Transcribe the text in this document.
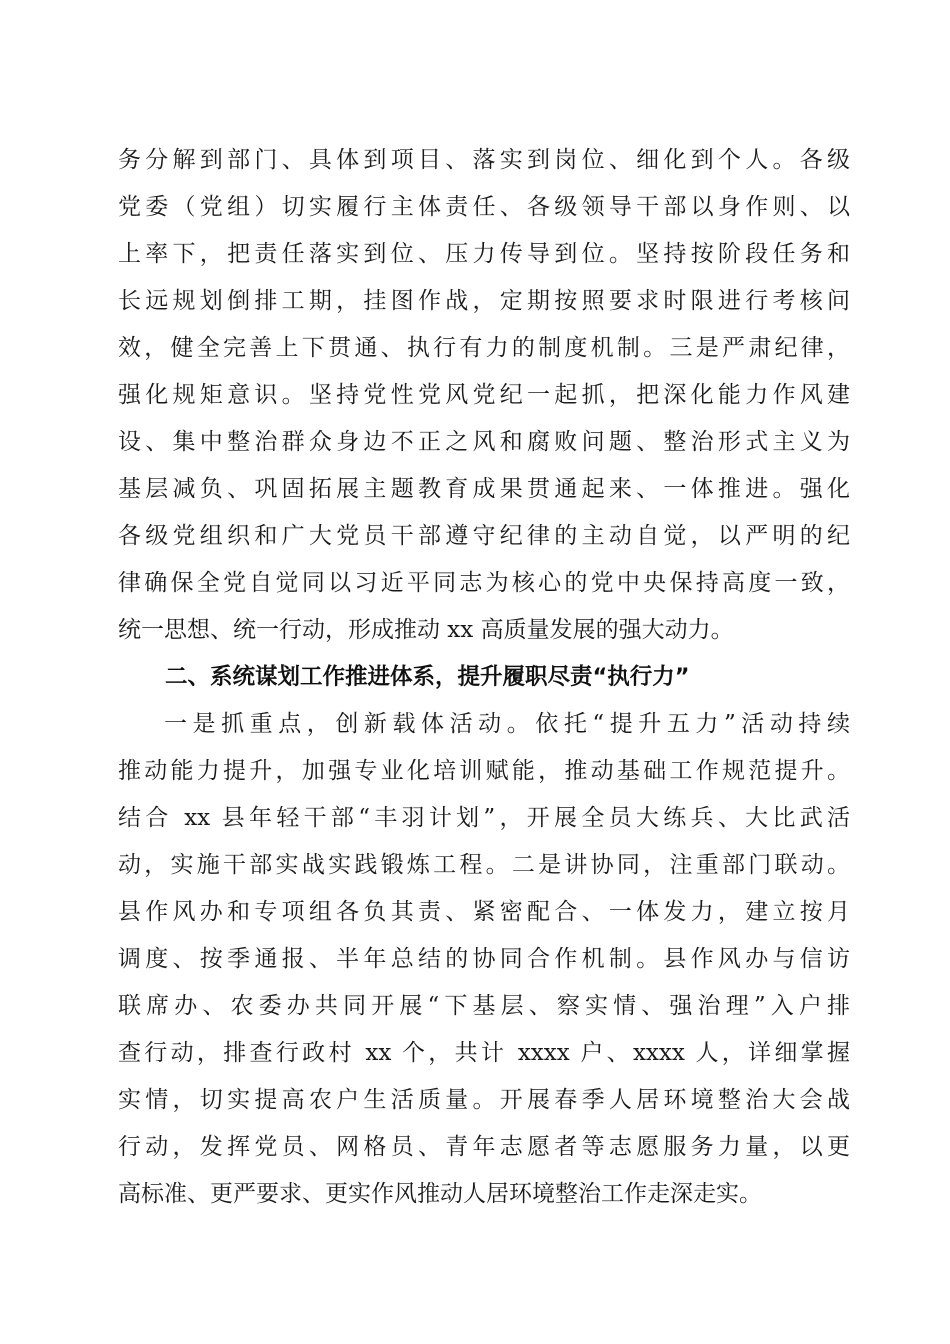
务分解到部门、具体到项目、落实到岗位、细化到个人。各级
党委（党组）切实履行主体责任、各级领导干部以身作则、以
上率下，把责任落实到位、压力传导到位。坚持按阶段任务和
长远规划倒排工期，挂图作战，定期按照要求时限进行考核问
效，健全完善上下贯通、执行有力的制度机制。三是严肃纪律，
强化规矩意识。坚持党性党风党纪一起抓，把深化能力作风建
设、集中整治群众身边不正之风和腐败问题、整治形式主义为
基层减负、巩固拓展主题教育成果贯通起来、一体推进。强化
各级党组织和广大党员干部遵守纪律的主动自觉，以严明的纪
律确保全党自觉同以习近平同志为核心的党中央保持高度一致，
统一思想、统一行动，形成推动 xx 高质量发展的强大动力。
二、系统谋划工作推进体系，提升履职尽责“执行力”
一是抓重点，创新载体活动。依托“提升五力”活动持续
推动能力提升，加强专业化培训赋能，推动基础工作规范提升。
结合 xx 县年轻干部“丰羽计划”，开展全员大练兵、大比武活
动，实施干部实战实践锻炼工程。二是讲协同，注重部门联动。
县作风办和专项组各负其责、紧密配合、一体发力，建立按月
调度、按季通报、半年总结的协同合作机制。县作风办与信访
联席办、农委办共同开展“下基层、察实情、强治理”入户排
查行动，排查行政村 xx 个，共计 xxxx 户、xxxx 人，详细掌握
实情，切实提高农户生活质量。开展春季人居环境整治大会战
行动，发挥党员、网格员、青年志愿者等志愿服务力量，以更
高标准、更严要求、更实作风推动人居环境整治工作走深走实。
